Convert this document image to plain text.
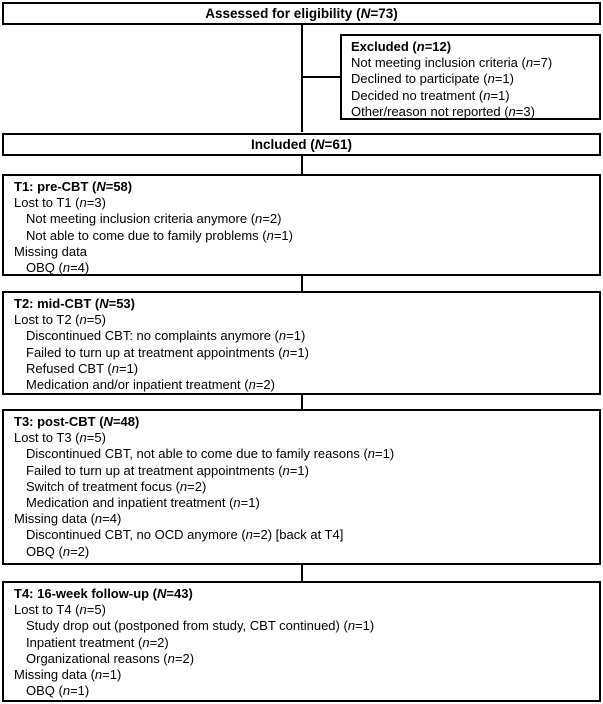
Assessed for eligibility (N=73)
Excluded (n=12)
Not meeting inclusion criteria (n=7)
Declined to participate (n=1)
Decided no treatment (n=1)
Other/reason not reported (n=3)
Included (N=61)
T1: pre-CBT (N=58)
Lost to T1 (n=3)
Not meeting inclusion criteria anymore (n=2)
Not able to come due to family problems (n=1)
Missing data
OBQ (n=4)
T2: mid-CBT (N=53)
Lost to T2 (n=5)
Discontinued CBT: no complaints anymore (n=1)
Failed to turn up at treatment appointments (n=1)
Refused CBT (n=1)
Medication and/or inpatient treatment (n=2)
T3: post-CBT (N=48)
Lost to T3 (n=5)
Discontinued CBT, not able to come due to family reasons (n=1)
Failed to turn up at treatment appointments (n=1)
Switch of treatment focus (n=2)
Medication and inpatient treatment (n=1)
Missing data (n=4)
Discontinued CBT, no OCD anymore (n=2) [back at T4]
OBQ (n=2)
T4: 16-week follow-up (N=43)
Lost to T4 (n=5)
Study drop out (postponed from study, CBT continued) (n=1)
Inpatient treatment (n=2)
Organizational reasons (n=2)
Missing data (n=1)
OBQ (n=1)
